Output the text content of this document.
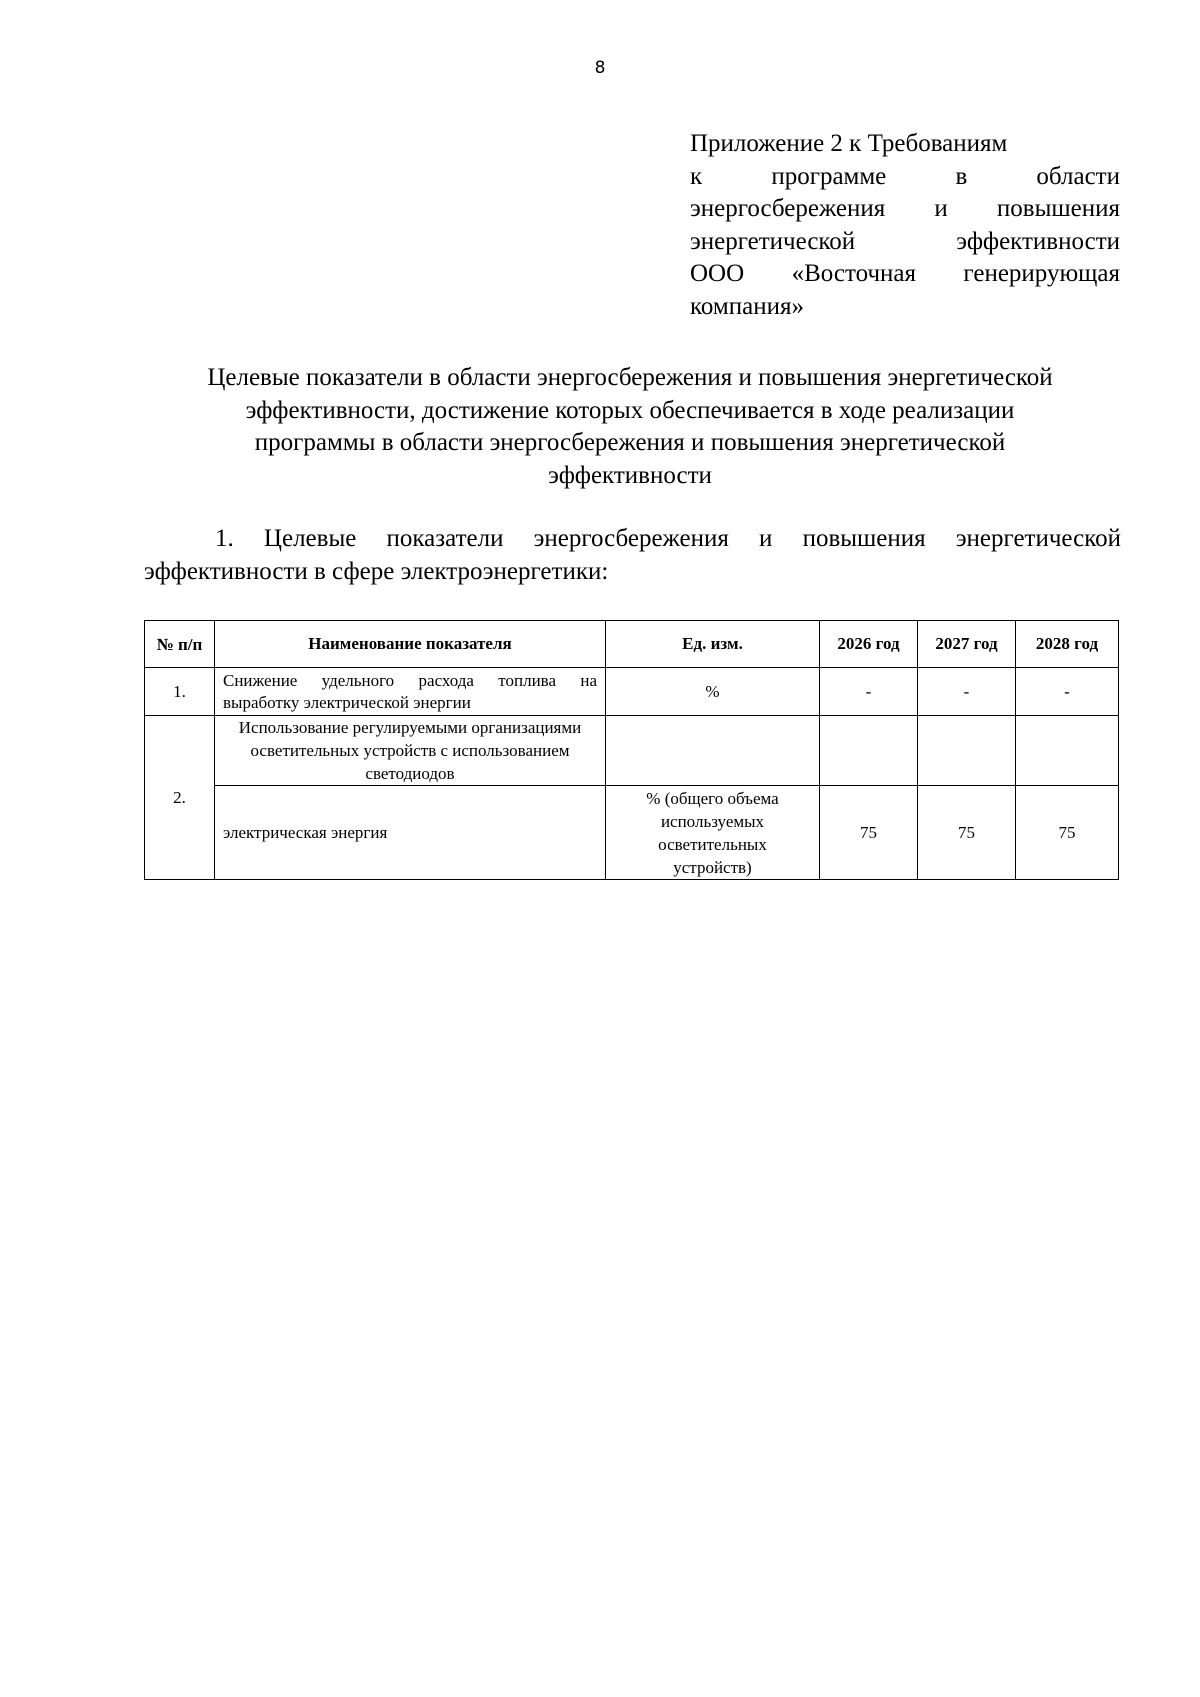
8
Приложение 2 к Требованиям
к программе в области
энергосбережения и повышения
энергетической эффективности
ООО «Восточная генерирующая
компания»
Целевые показатели в области энергосбережения и повышения энергетической
эффективности, достижение которых обеспечивается в ходе реализации
программы в области энергосбережения и повышения энергетической
эффективности
1. Целевые показатели энергосбережения и повышения энергетической эффективности в сфере электроэнергетики:
№ п/п	Наименование показателя	Ед. изм.	2026 год	2027 год	2028 год
1.	Снижение удельного расхода топлива на выработку электрической энергии	%	-	-	-
2.	Использование регулируемыми организациями осветительных устройств с использованием светодиодов				
	электрическая энергия	% (общего объема используемых осветительных устройств)	75	75	75
